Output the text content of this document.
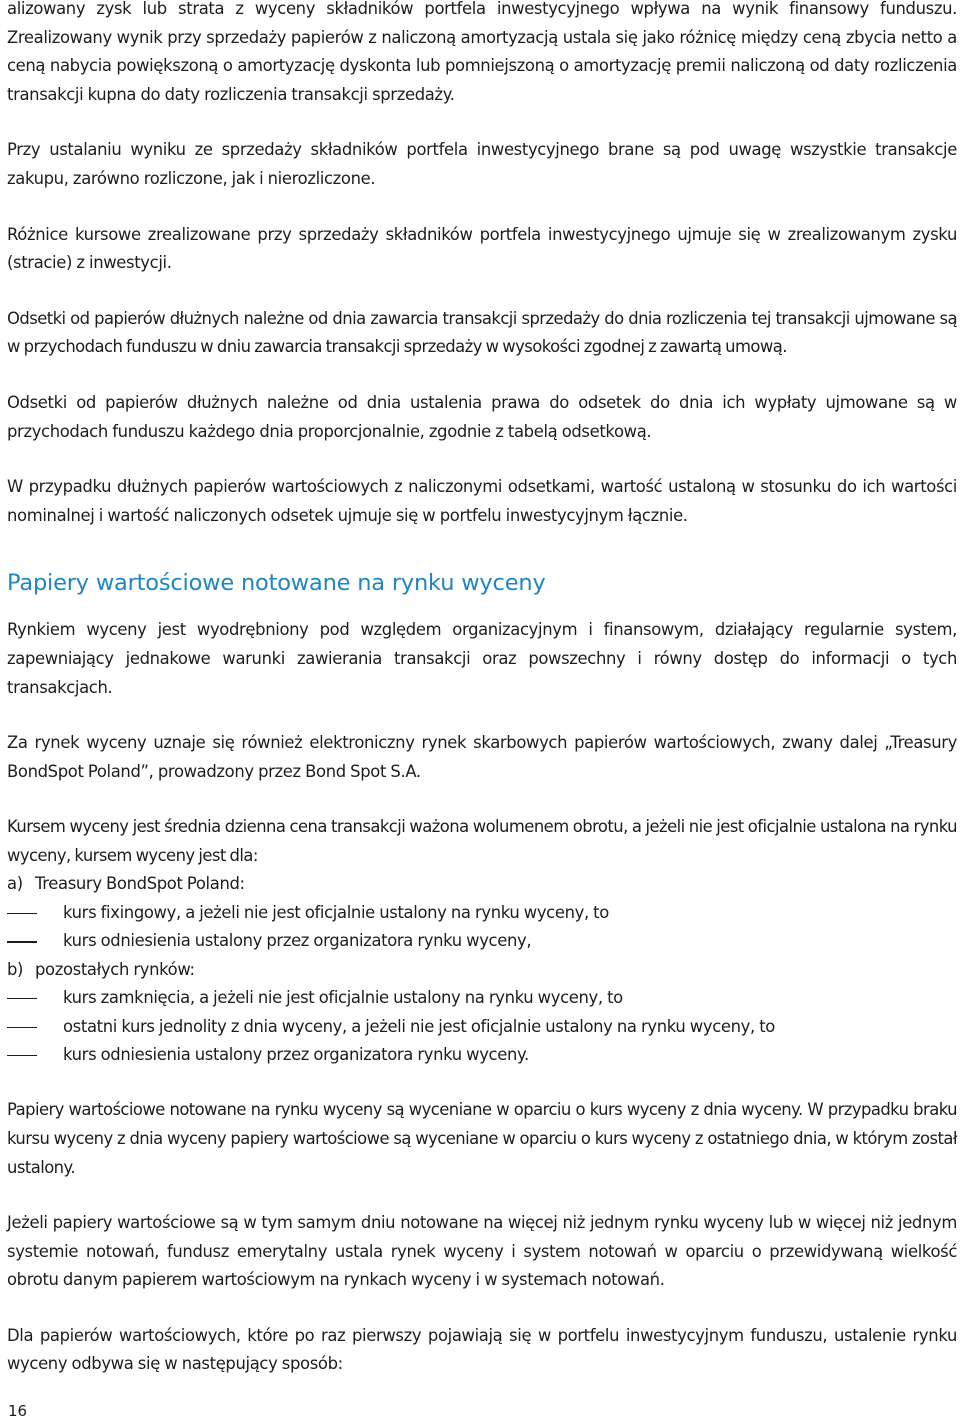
alizowany zysk lub strata z wyceny składników portfela inwestycyjnego wpływa na wynik finansowy funduszu. Zrealizowany wynik przy sprzedaży papierów z naliczoną amortyzacją ustala się jako różnicę między ceną zbycia netto a ceną nabycia powiększoną o amortyzację dyskonta lub pomniejszoną o amortyzację premii naliczoną od daty rozliczenia transakcji kupna do daty rozliczenia transakcji sprzedaży.

Przy ustalaniu wyniku ze sprzedaży składników portfela inwestycyjnego brane są pod uwagę wszystkie transakcje zakupu, zarówno rozliczone, jak i nierozliczone.

Różnice kursowe zrealizowane przy sprzedaży składników portfela inwestycyjnego ujmuje się w zrealizowanym zysku (stracie) z inwestycji.

Odsetki od papierów dłużnych należne od dnia zawarcia transakcji sprzedaży do dnia rozliczenia tej transakcji ujmowane są w przychodach funduszu w dniu zawarcia transakcji sprzedaży w wysokości zgodnej z zawartą umową.

Odsetki od papierów dłużnych należne od dnia ustalenia prawa do odsetek do dnia ich wypłaty ujmowane są w przychodach funduszu każdego dnia proporcjonalnie, zgodnie z tabelą odsetkową.

W przypadku dłużnych papierów wartościowych z naliczonymi odsetkami, wartość ustaloną w stosunku do ich wartości nominalnej i wartość naliczonych odsetek ujmuje się w portfelu inwestycyjnym łącznie.

Papiery wartościowe notowane na rynku wyceny

Rynkiem wyceny jest wyodrębniony pod względem organizacyjnym i finansowym, działający regularnie system, zapewniający jednakowe warunki zawierania transakcji oraz powszechny i równy dostęp do informacji o tych transakcjach.

Za rynek wyceny uznaje się również elektroniczny rynek skarbowych papierów wartościowych, zwany dalej „Treasury BondSpot Poland”, prowadzony przez Bond Spot S.A.

Kursem wyceny jest średnia dzienna cena transakcji ważona wolumenem obrotu, a jeżeli nie jest oficjalnie ustalona na rynku wyceny, kursem wyceny jest dla:

a) Treasury BondSpot Poland:
kurs fixingowy, a jeżeli nie jest oficjalnie ustalony na rynku wyceny, to
kurs odniesienia ustalony przez organizatora rynku wyceny,
b) pozostałych rynków:
kurs zamknięcia, a jeżeli nie jest oficjalnie ustalony na rynku wyceny, to
ostatni kurs jednolity z dnia wyceny, a jeżeli nie jest oficjalnie ustalony na rynku wyceny, to
kurs odniesienia ustalony przez organizatora rynku wyceny.

Papiery wartościowe notowane na rynku wyceny są wyceniane w oparciu o kurs wyceny z dnia wyceny. W przypadku braku kursu wyceny z dnia wyceny papiery wartościowe są wyceniane w oparciu o kurs wyceny z ostatniego dnia, w którym został ustalony.

Jeżeli papiery wartościowe są w tym samym dniu notowane na więcej niż jednym rynku wyceny lub w więcej niż jednym systemie notowań, fundusz emerytalny ustala rynek wyceny i system notowań w oparciu o przewidywaną wielkość obrotu danym papierem wartościowym na rynkach wyceny i w systemach notowań.

Dla papierów wartościowych, które po raz pierwszy pojawiają się w portfelu inwestycyjnym funduszu, ustalenie rynku wyceny odbywa się w następujący sposób:

16
